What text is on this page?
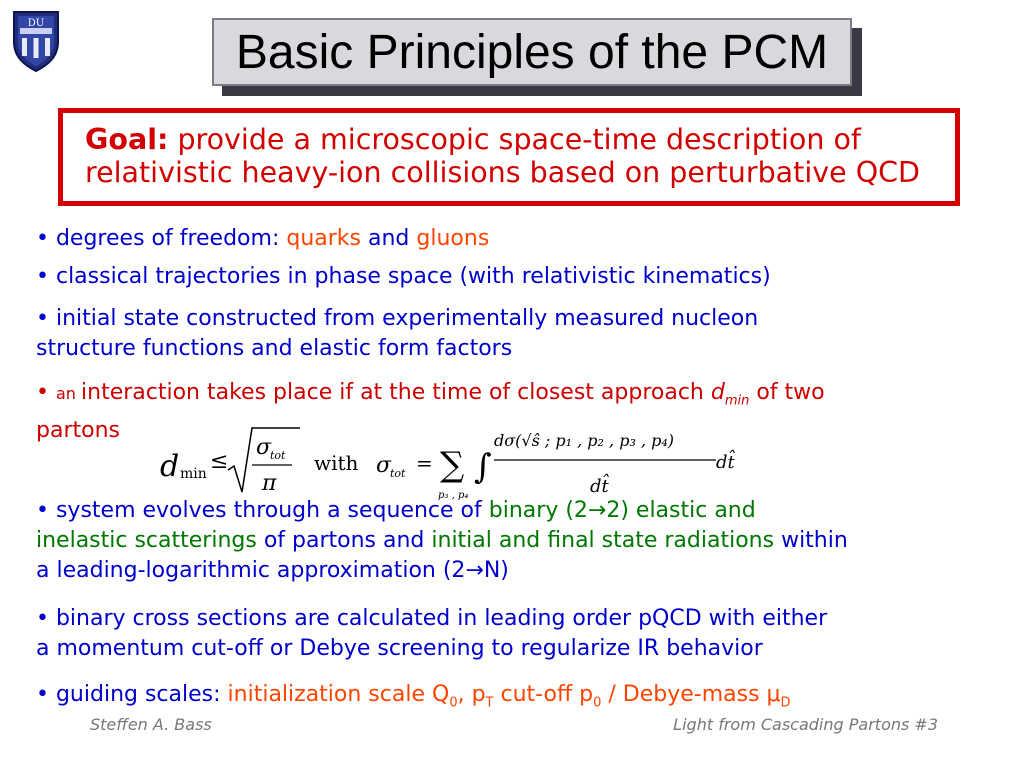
DU
Basic Principles of the PCM
Goal: provide a microscopic space-time description of
relativistic heavy-ion collisions based on perturbative QCD
• degrees of freedom: quarks and gluons
• classical trajectories in phase space (with relativistic kinematics)
• initial state constructed from experimentally measured nucleon
structure functions and elastic form factors
• an interaction takes place if at the time of closest approach $d_{min}$ of two
partons
d min ≤
σ
tot
π
with σ
tot = ∑
p₃ , p₄
∫
dσ(√ŝ ; p₁ , p₂ , p₃ , p₄)
dt̂
dt̂
• system evolves through a sequence of binary (2→2) elastic and
inelastic scatterings of partons and initial and final state radiations within
a leading-logarithmic approximation (2→N)
• binary cross sections are calculated in leading order pQCD with either
a momentum cut-off or Debye screening to regularize IR behavior
• guiding scales: initialization scale $Q_0$, $p_T$ cut-off $p_0$ / Debye-mass $\mu_D$
Steffen A. Bass	Light from Cascading Partons #3
